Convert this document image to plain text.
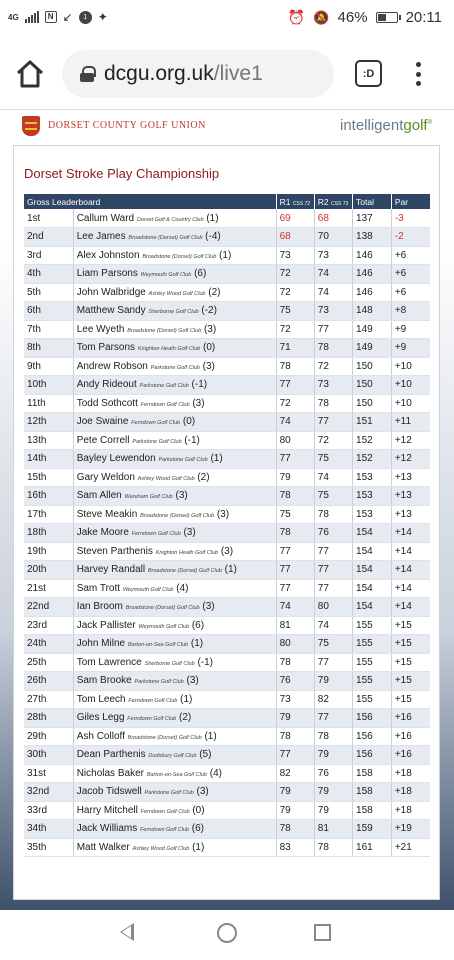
4G	N ↙	1 ✦	⏰ 🔕 46%	20:11
dcgu.org.uk/live1	:D
DORSET COUNTY GOLF UNION	intelligentgolf®
Dorset Stroke Play Championship
Gross Leaderboard		R1 CSS 72	R2 CSS 73	Total	Par
1st	Callum Ward Dorset Golf & Country Club (1)	69	68	137	-3
2nd	Lee James Broadstone (Dorset) Golf Club (-4)	68	70	138	-2
3rd	Alex Johnston Broadstone (Dorset) Golf Club (1)	73	73	146	+6
4th	Liam Parsons Weymouth Golf Club (6)	72	74	146	+6
5th	John Walbridge Ashley Wood Golf Club (2)	72	74	146	+6
6th	Matthew Sandy Sherborne Golf Club (-2)	75	73	148	+8
7th	Lee Wyeth Broadstone (Dorset) Golf Club (3)	72	77	149	+9
8th	Tom Parsons Knighton Heath Golf Club (0)	71	78	149	+9
9th	Andrew Robson Parkstone Golf Club (3)	78	72	150	+10
10th	Andy Rideout Parkstone Golf Club (-1)	77	73	150	+10
11th	Todd Sothcott Ferndown Golf Club (3)	72	78	150	+10
12th	Joe Swaine Ferndown Golf Club (0)	74	77	151	+11
13th	Pete Correll Parkstone Golf Club (-1)	80	72	152	+12
14th	Bayley Lewendon Parkstone Golf Club (1)	77	75	152	+12
15th	Gary Weldon Ashley Wood Golf Club (2)	79	74	153	+13
16th	Sam Allen Wareham Golf Club (3)	78	75	153	+13
17th	Steve Meakin Broadstone (Dorset) Golf Club (3)	75	78	153	+13
18th	Jake Moore Ferndown Golf Club (3)	78	76	154	+14
19th	Steven Parthenis Knighton Heath Golf Club (3)	77	77	154	+14
20th	Harvey Randall Broadstone (Dorset) Golf Club (1)	77	77	154	+14
21st	Sam Trott Weymouth Golf Club (4)	77	77	154	+14
22nd	Ian Broom Broadstone (Dorset) Golf Club (3)	74	80	154	+14
23rd	Jack Pallister Weymouth Golf Club (6)	81	74	155	+15
24th	John Milne Barton-on-Sea Golf Club (1)	80	75	155	+15
25th	Tom Lawrence Sherborne Golf Club (-1)	78	77	155	+15
26th	Sam Brooke Parkstone Golf Club (3)	76	79	155	+15
27th	Tom Leech Ferndown Golf Club (1)	73	82	155	+15
28th	Giles Legg Ferndown Golf Club (2)	79	77	156	+16
29th	Ash Colloff Broadstone (Dorset) Golf Club (1)	78	78	156	+16
30th	Dean Parthenis Dudsbury Golf Club (5)	77	79	156	+16
31st	Nicholas Baker Barton-on-Sea Golf Club (4)	82	76	158	+18
32nd	Jacob Tidswell Parkstone Golf Club (3)	79	79	158	+18
33rd	Harry Mitchell Ferndown Golf Club (0)	79	79	158	+18
34th	Jack Williams Ferndown Golf Club (6)	78	81	159	+19
35th	Matt Walker Ashley Wood Golf Club (1)	83	78	161	+21
